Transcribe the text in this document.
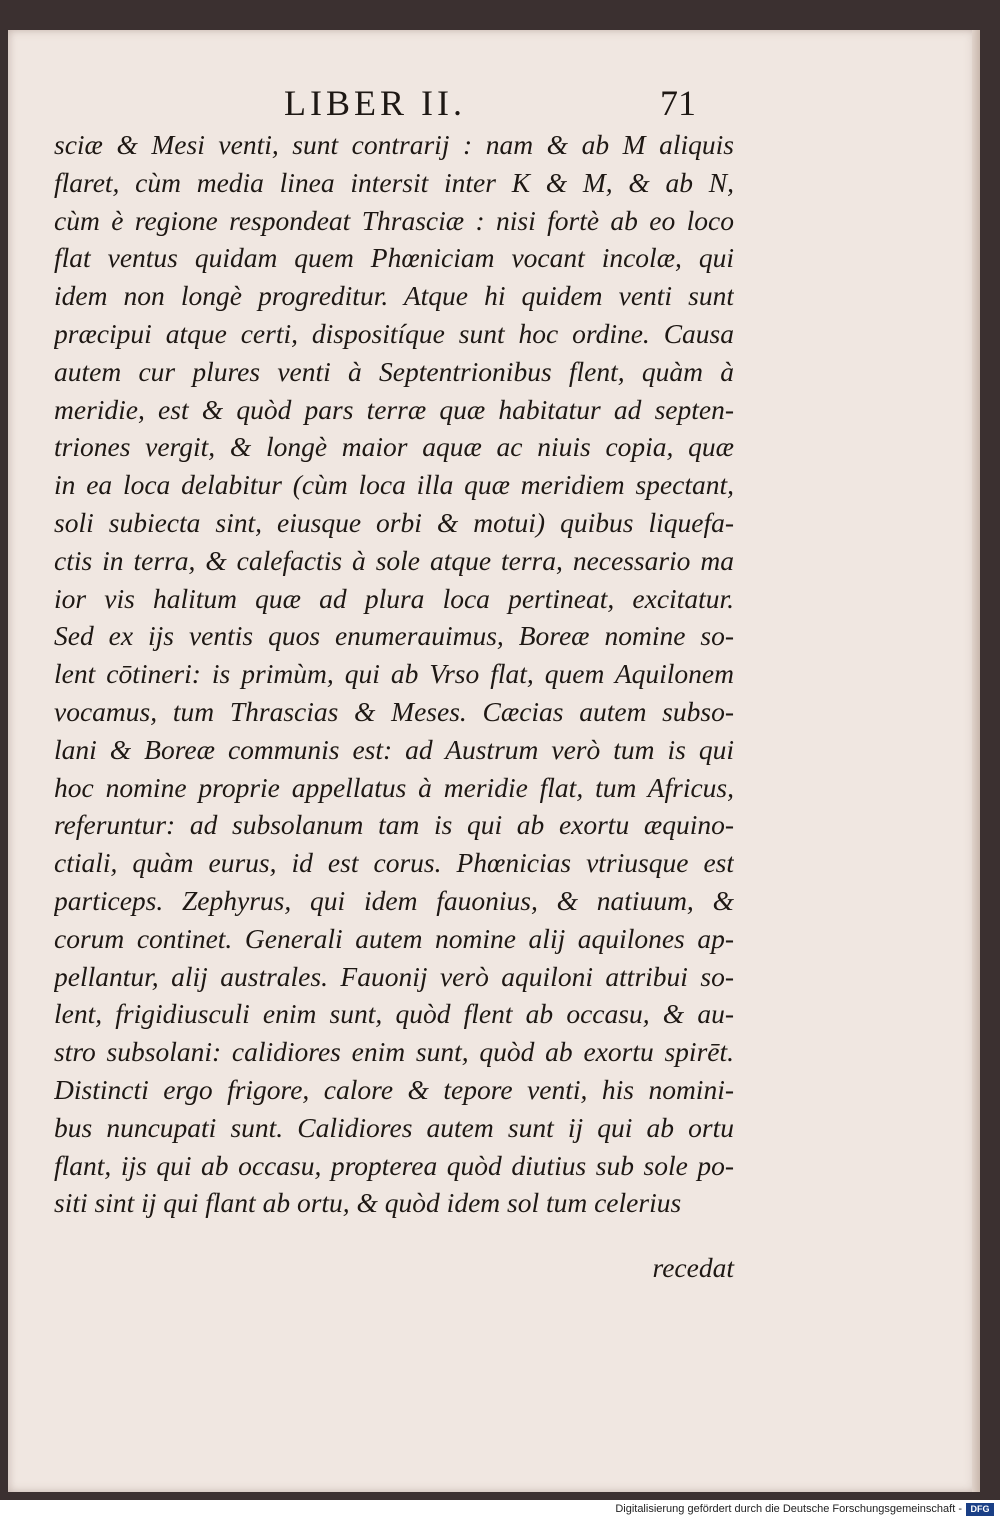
LIBER II.	71
sciæ & Mesi venti, sunt contrarij : nam & ab M aliquis
flaret, cùm media linea intersit inter K & M, & ab N,
cùm è regione respondeat Thrasciæ : nisi fortè ab eo loco
flat ventus quidam quem Phœniciam vocant incolæ, qui
idem non longè progreditur. Atque hi quidem venti sunt
præcipui atque certi, dispositíque sunt hoc ordine. Causa
autem cur plures venti à Septentrionibus flent, quàm à
meridie, est & quòd pars terræ quæ habitatur ad septen-
triones vergit, & longè maior aquæ ac niuis copia, quæ
in ea loca delabitur (cùm loca illa quæ meridiem spectant,
soli subiecta sint, eiusque orbi & motui) quibus liquefa-
ctis in terra, & calefactis à sole atque terra, necessario ma
ior vis halitum quæ ad plura loca pertineat, excitatur.
Sed ex ijs ventis quos enumerauimus, Boreæ nomine so-
lent cōtineri: is primùm, qui ab Vrso flat, quem Aquilonem
vocamus, tum Thrascias & Meses. Cæcias autem subso-
lani & Boreæ communis est: ad Austrum verò tum is qui
hoc nomine proprie appellatus à meridie flat, tum Africus,
referuntur: ad subsolanum tam is qui ab exortu æquino-
ctiali, quàm eurus, id est corus. Phœnicias vtriusque est
particeps. Zephyrus, qui idem fauonius, & natiuum, &
corum continet. Generali autem nomine alij aquilones ap-
pellantur, alij australes. Fauonij verò aquiloni attribui so-
lent, frigidiusculi enim sunt, quòd flent ab occasu, & au-
stro subsolani: calidiores enim sunt, quòd ab exortu spirēt.
Distincti ergo frigore, calore & tepore venti, his nomini-
bus nuncupati sunt. Calidiores autem sunt ij qui ab ortu
flant, ijs qui ab occasu, propterea quòd diutius sub sole po-
siti sint ij qui flant ab ortu, & quòd idem sol tum celerius
recedat
Digitalisierung gefördert durch die Deutsche Forschungsgemeinschaft - DFG
